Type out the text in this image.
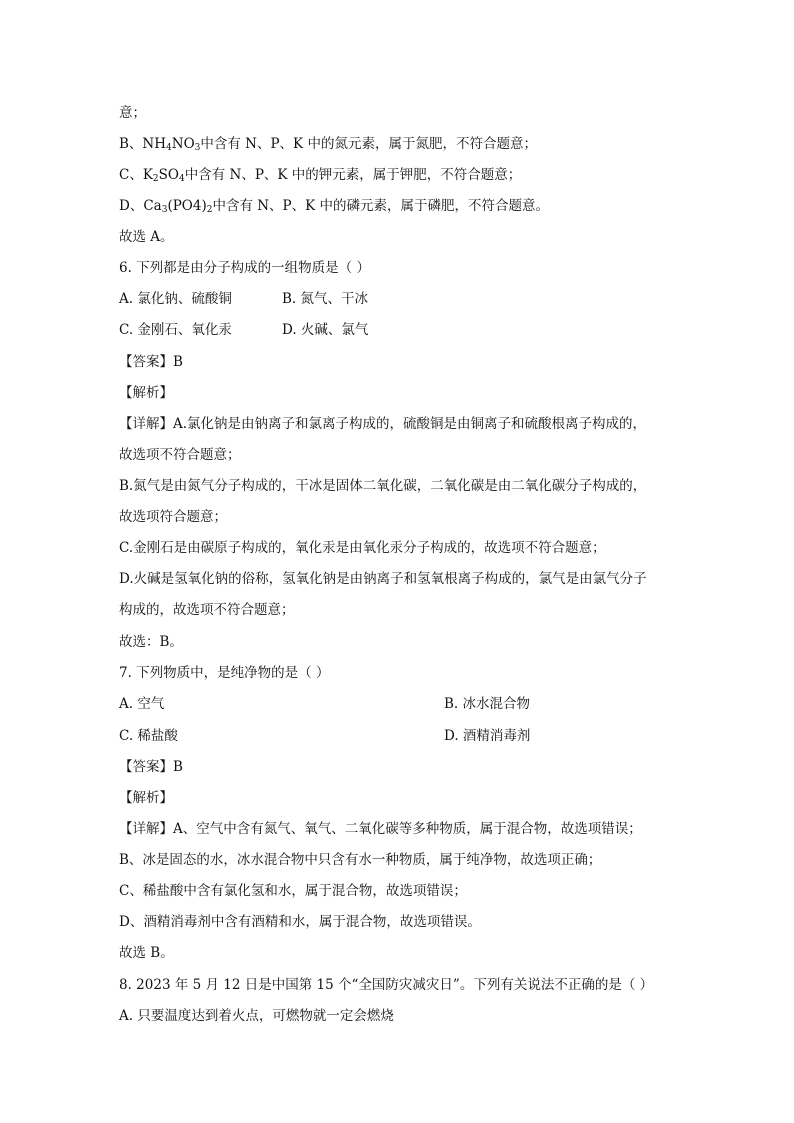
意；
B、$NH_4NO_3$中含有 N、P、K 中的氮元素，属于氮肥，不符合题意；
C、$K_2SO_4$中含有 N、P、K 中的钾元素，属于钾肥，不符合题意；
D、$Ca_3(PO4)_2$中含有 N、P、K 中的磷元素，属于磷肥，不符合题意。
故选 A。
6. 下列都是由分子构成的一组物质是（ ）
A. 氯化钠、硫酸铜	B. 氮气、干冰
C. 金刚石、氧化汞	D. 火碱、氯气
【答案】B
【解析】
【详解】A.氯化钠是由钠离子和氯离子构成的，硫酸铜是由铜离子和硫酸根离子构成的，
故选项不符合题意；
B.氮气是由氮气分子构成的，干冰是固体二氧化碳，二氧化碳是由二氧化碳分子构成的，
故选项符合题意；
C.金刚石是由碳原子构成的，氧化汞是由氧化汞分子构成的，故选项不符合题意；
D.火碱是氢氧化钠的俗称，氢氧化钠是由钠离子和氢氧根离子构成的，氯气是由氯气分子
构成的，故选项不符合题意；
故选：B。
7. 下列物质中，是纯净物的是（ ）
A. 空气	B. 冰水混合物
C. 稀盐酸	D. 酒精消毒剂
【答案】B
【解析】
【详解】A、空气中含有氮气、氧气、二氧化碳等多种物质，属于混合物，故选项错误；
B、冰是固态的水，冰水混合物中只含有水一种物质，属于纯净物，故选项正确；
C、稀盐酸中含有氯化氢和水，属于混合物，故选项错误；
D、酒精消毒剂中含有酒精和水，属于混合物，故选项错误。
故选 B。
8. 2023 年 5 月 12 日是中国第 15 个“全国防灾减灾日”。下列有关说法不正确的是（ ）
A. 只要温度达到着火点，可燃物就一定会燃烧
